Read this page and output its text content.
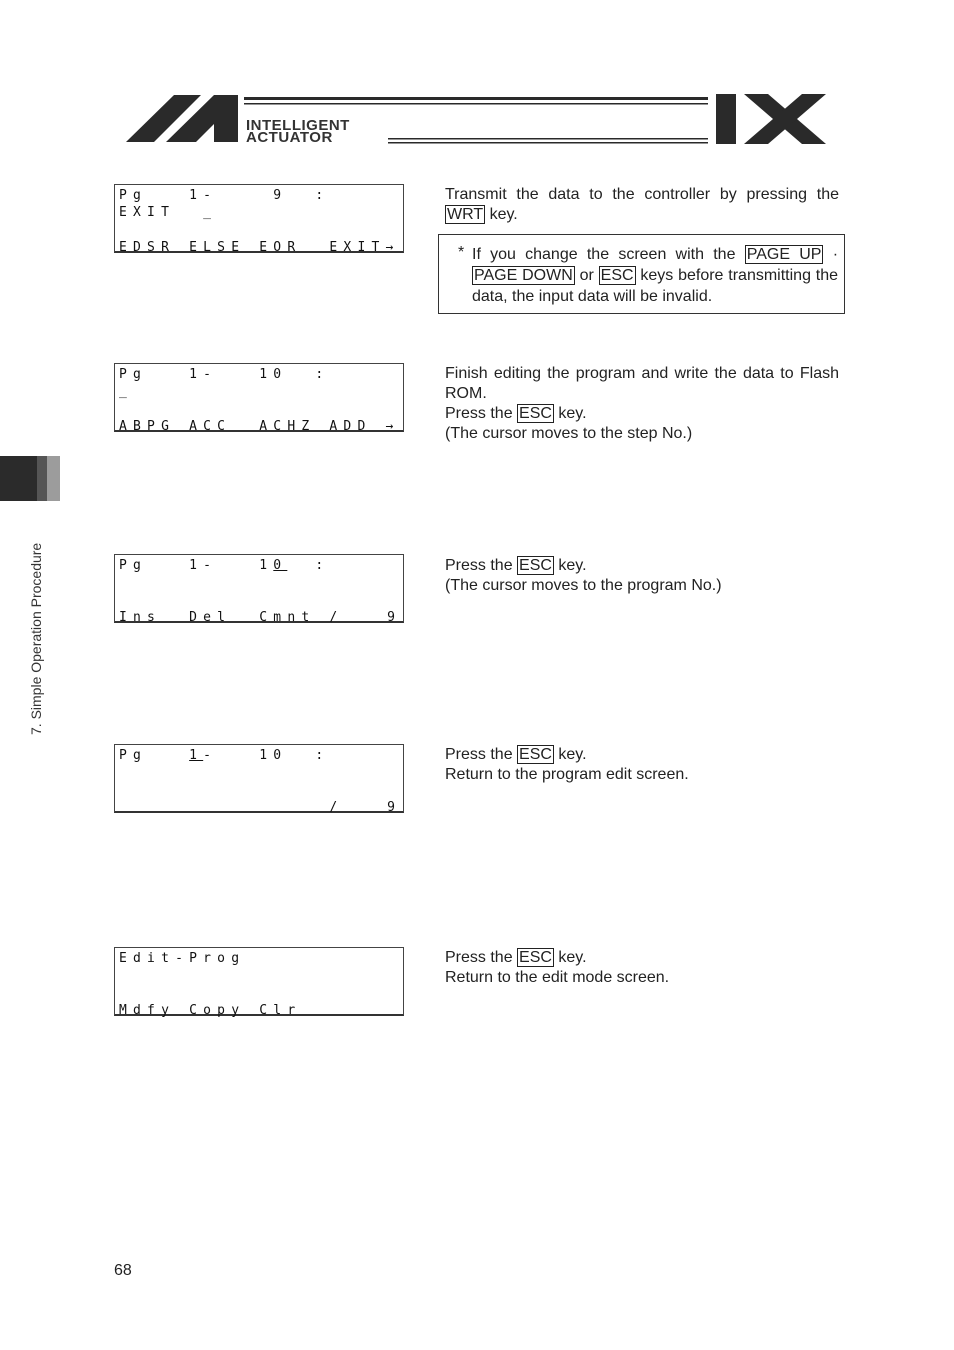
INTELLIGENT
ACTUATOR
7. Simple Operation Procedure
Pg   1-    9  :
EXIT  _
EDSR ELSE EOR  EXIT→
Transmit the data to the controller by pressing the WRT key.
* If you change the screen with the PAGE UP · PAGE DOWN or ESC keys before transmitting the data, the input data will be invalid.
Pg   1-   10  :
_
ABPG ACC  ACHZ ADD →
Finish editing the program and write the data to Flash ROM.
Press the ESC key.
(The cursor moves to the step No.)
Pg   1-   10  :
Ins  Del  Cmnt /	9
Press the ESC key.
(The cursor moves to the program No.)
Pg   1-   10  :
/	9
Press the ESC key.
Return to the program edit screen.
Edit-Prog
Mdfy Copy Clr
Press the ESC key.
Return to the edit mode screen.
68
